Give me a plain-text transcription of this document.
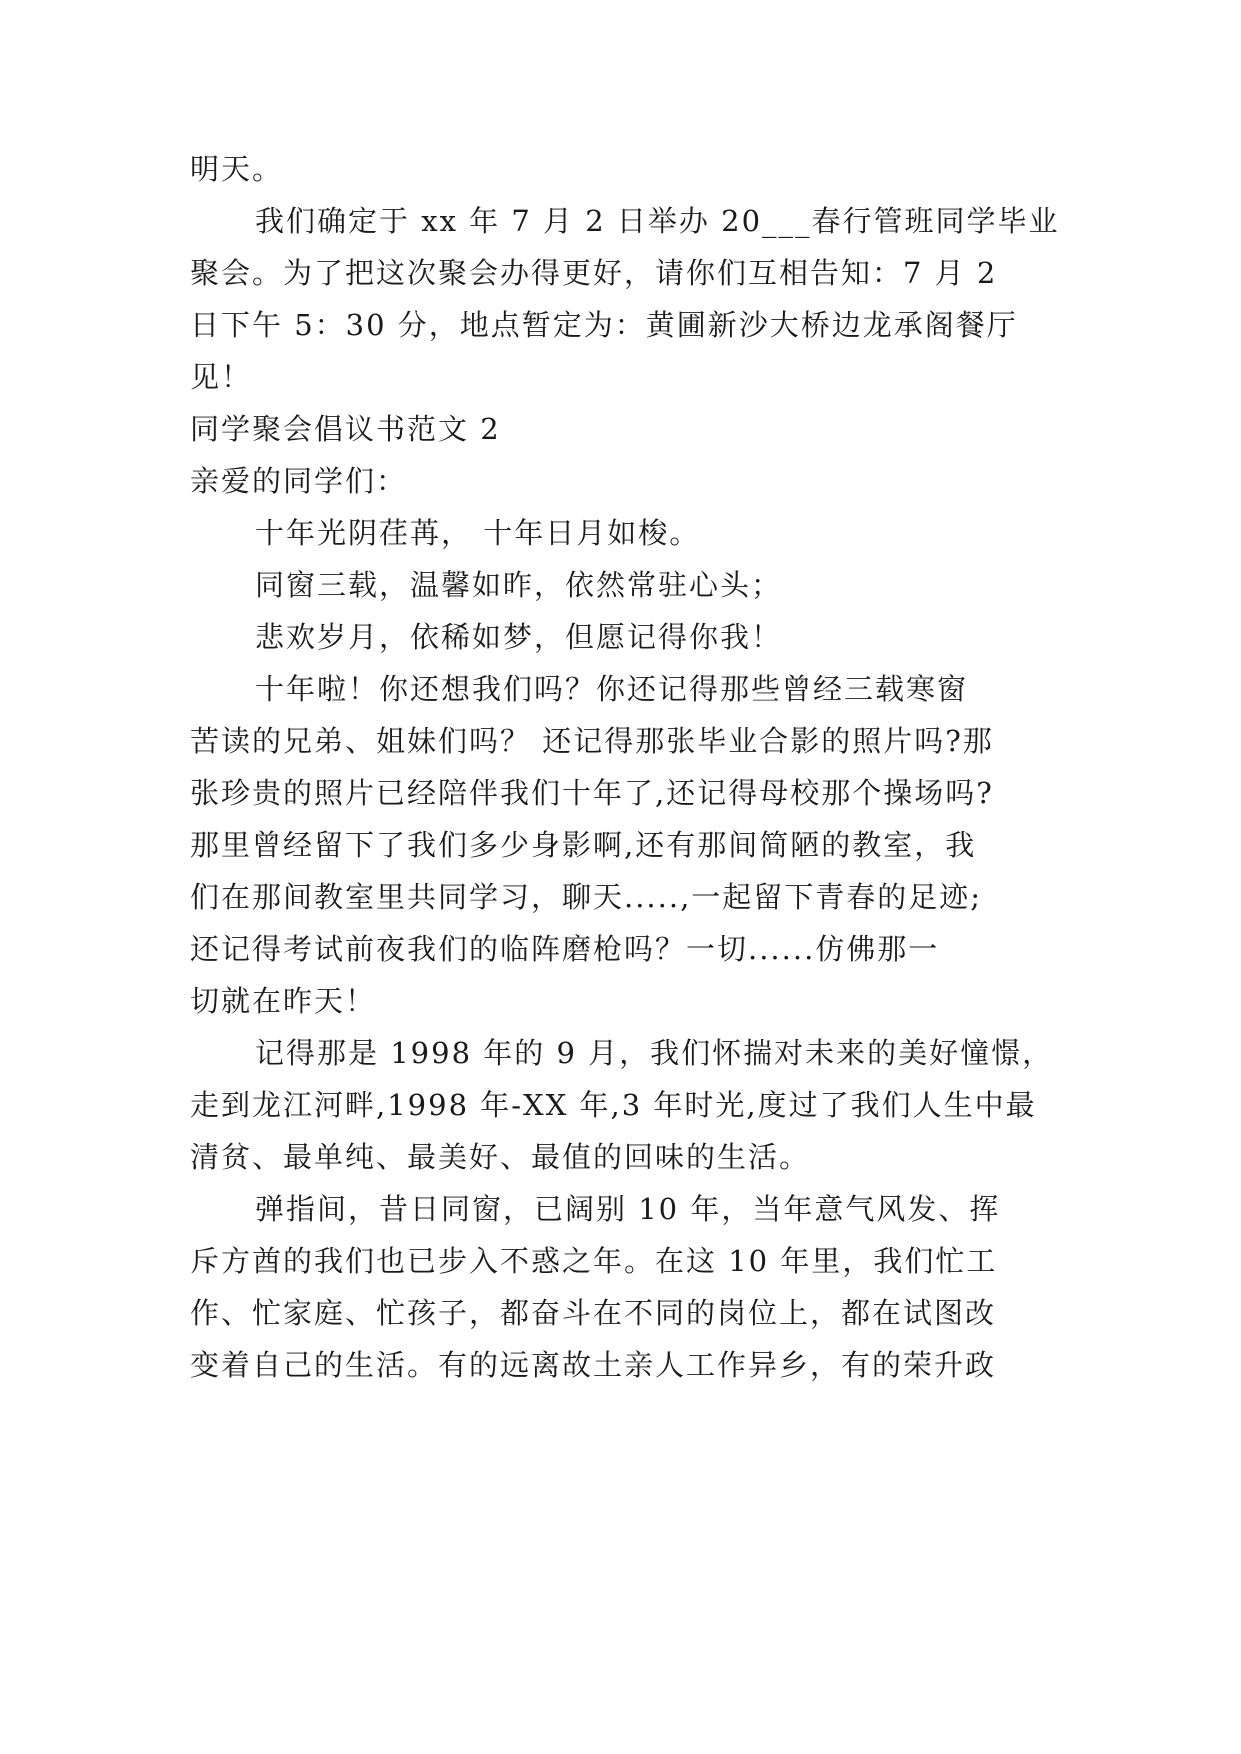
明天。
我们确定于 xx 年 7 月 2 日举办 20___春行管班同学毕业
聚会。为了把这次聚会办得更好，请你们互相告知：7 月 2
日下午 5：30 分，地点暂定为：黄圃新沙大桥边龙承阁餐厅
见！
同学聚会倡议书范文 2
亲爱的同学们：
十年光阴荏苒， 十年日月如梭。
同窗三载，温馨如昨，依然常驻心头；
悲欢岁月，依稀如梦，但愿记得你我！
十年啦！你还想我们吗？你还记得那些曾经三载寒窗
苦读的兄弟、姐妹们吗？ 还记得那张毕业合影的照片吗?那
张珍贵的照片已经陪伴我们十年了,还记得母校那个操场吗?
那里曾经留下了我们多少身影啊,还有那间简陋的教室，我
们在那间教室里共同学习，聊天.....,一起留下青春的足迹;
还记得考试前夜我们的临阵磨枪吗？一切......仿佛那一
切就在昨天！
记得那是 1998 年的 9 月，我们怀揣对未来的美好憧憬，
走到龙江河畔,1998 年-XX 年,3 年时光,度过了我们人生中最
清贫、最单纯、最美好、最值的回味的生活。
弹指间，昔日同窗，已阔别 10 年，当年意气风发、挥
斥方酋的我们也已步入不惑之年。在这 10 年里，我们忙工
作、忙家庭、忙孩子，都奋斗在不同的岗位上，都在试图改
变着自己的生活。有的远离故土亲人工作异乡，有的荣升政
